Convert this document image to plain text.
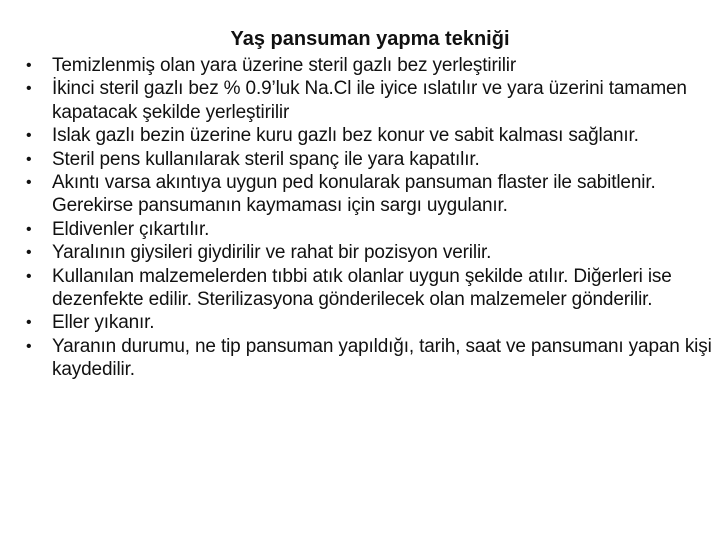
Yaş pansuman yapma tekniği
• Temizlenmiş olan yara üzerine steril gazlı bez yerleştirilir
• İkinci steril gazlı bez % 0.9’luk Na.Cl ile iyice ıslatılır ve yara üzerini tamamen kapatacak şekilde yerleştirilir
• Islak gazlı bezin üzerine kuru gazlı bez konur ve sabit kalması sağlanır.
• Steril pens kullanılarak steril spanç ile yara kapatılır.
• Akıntı varsa akıntıya uygun ped konularak pansuman flaster ile sabitlenir. Gerekirse pansumanın kaymaması için sargı uygulanır.
• Eldivenler çıkartılır.
• Yaralının giysileri giydirilir ve rahat bir pozisyon verilir.
• Kullanılan malzemelerden tıbbi atık olanlar uygun şekilde atılır. Diğerleri ise dezenfekte edilir. Sterilizasyona gönderilecek olan malzemeler gönderilir.
• Eller yıkanır.
• Yaranın durumu, ne tip pansuman yapıldığı, tarih, saat ve pansumanı yapan kişi kaydedilir.
